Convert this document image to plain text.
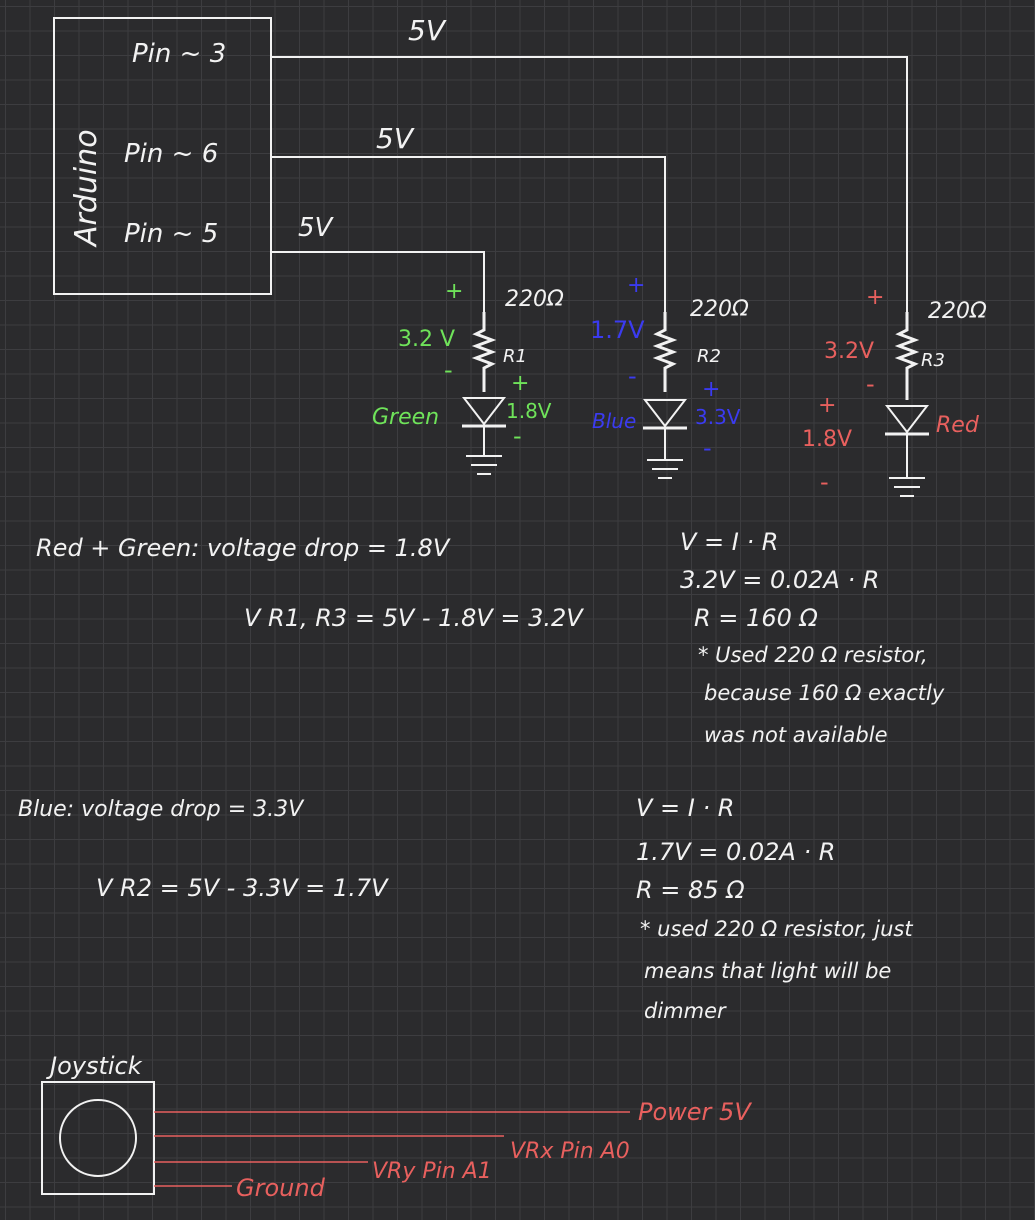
Arduino
Pin ~ 3
Pin ~ 6
Pin ~ 5
5V
5V
5V
+
3.2 V
-
220Ω
R1
+
1.8V
-
Green
+
1.7V
-
220Ω
R2
+
3.3V
-
Blue
+
3.2V
-
220Ω
R3
+
1.8V
-
Red
Red + Green: voltage drop = 1.8V
V R1, R3 = 5V - 1.8V = 3.2V
V = I · R
3.2V = 0.02A · R
R = 160 Ω
* Used 220 Ω resistor,
because 160 Ω exactly
was not available
Blue: voltage drop = 3.3V
V R2 = 5V - 3.3V = 1.7V
V = I · R
1.7V = 0.02A · R
R = 85 Ω
* used 220 Ω resistor, just
means that light will be
dimmer
Joystick
Power 5V
VRx Pin A0
VRy Pin A1
Ground
